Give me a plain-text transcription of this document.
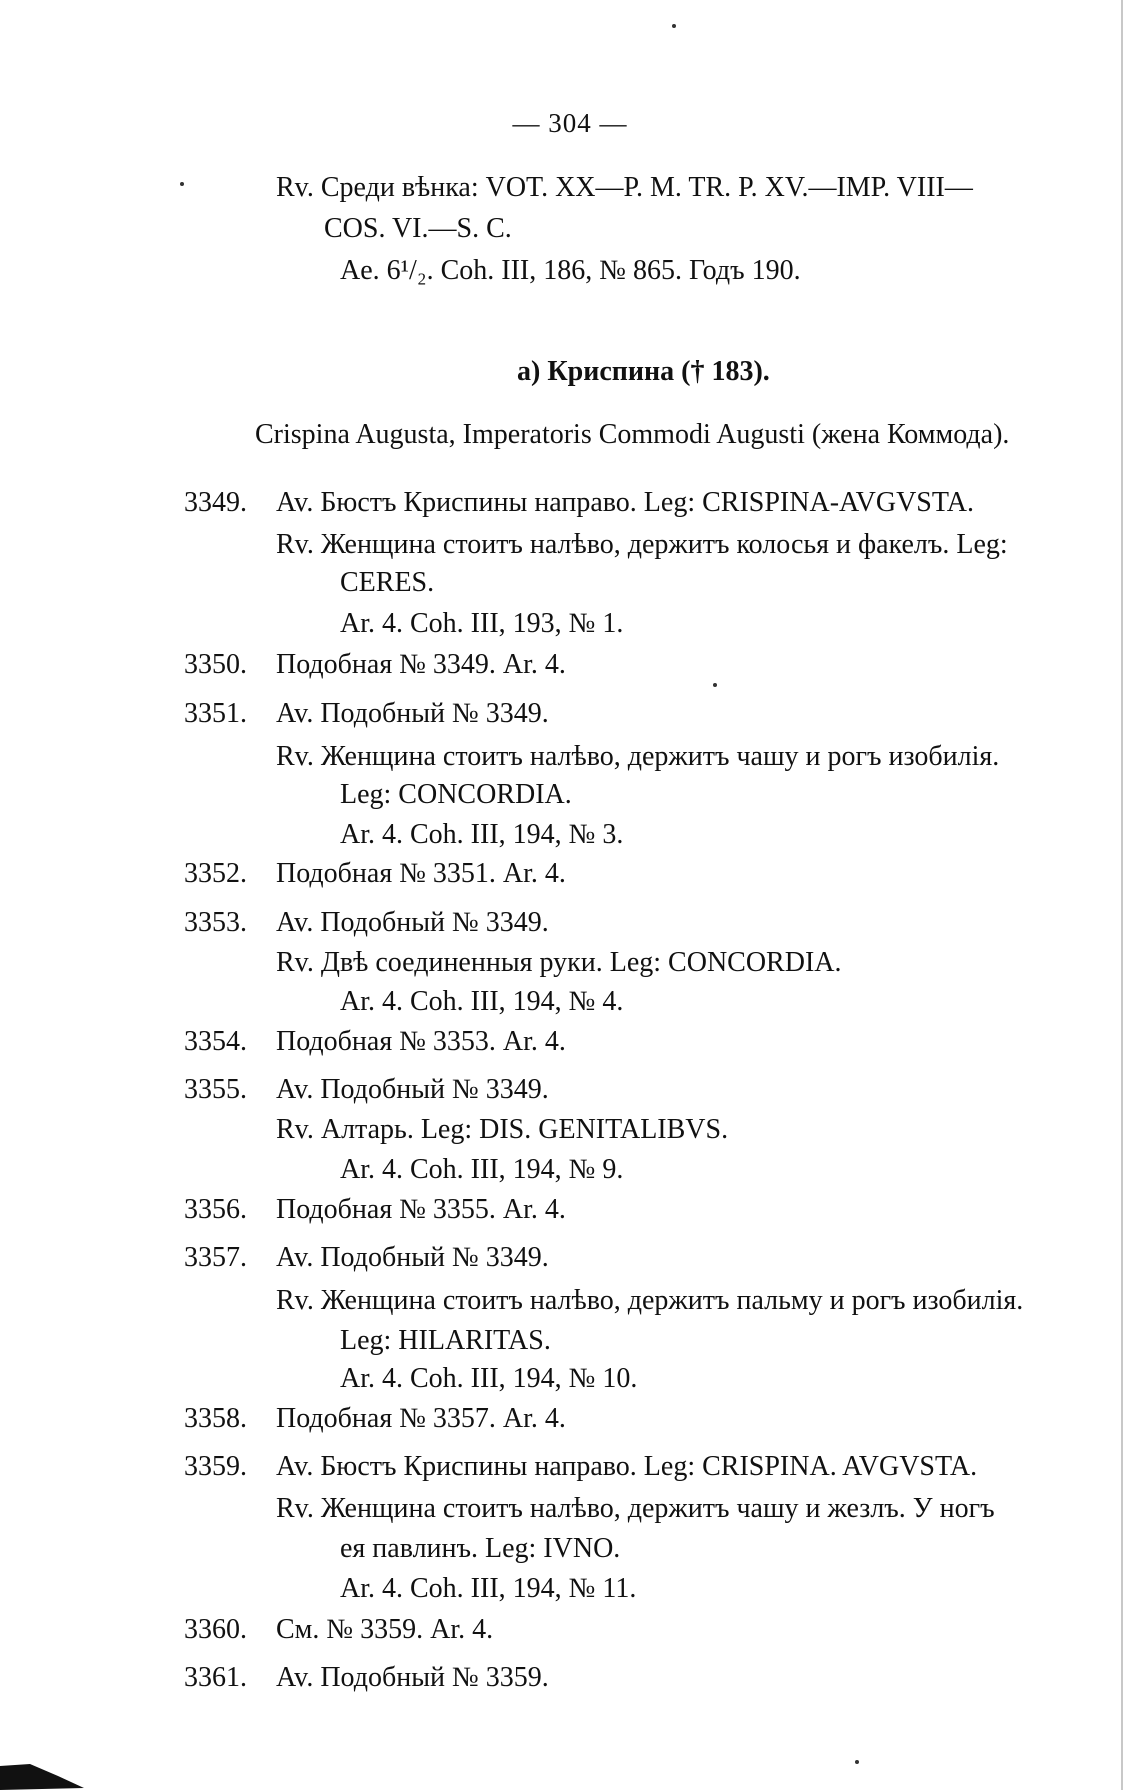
— 304 —
Rv. Среди вѣнка: VOT. XX—P. M. TR. P. XV.—IMP. VIII—
COS. VI.—S. C.
Ae. 6¹/₂. Coh. III, 186, № 865. Годъ 190.
a) Криспина († 183).
Crispina Augusta, Imperatoris Commodi Augusti (жена Коммода).
3349. Av. Бюстъ Криспины направо. Leg: CRISPINA-AVGVSTA.
Rv. Женщина стоитъ налѣво, держитъ колосья и факелъ. Leg:
CERES.
Ar. 4. Coh. III, 193, № 1.
3350. Подобная № 3349. Ar. 4.
3351. Av. Подобный № 3349.
Rv. Женщина стоитъ налѣво, держитъ чашу и рогъ изобилія.
Leg: CONCORDIA.
Ar. 4. Coh. III, 194, № 3.
3352. Подобная № 3351. Ar. 4.
3353. Av. Подобный № 3349.
Rv. Двѣ соединенныя руки. Leg: CONCORDIA.
Ar. 4. Coh. III, 194, № 4.
3354. Подобная № 3353. Ar. 4.
3355. Av. Подобный № 3349.
Rv. Алтарь. Leg: DIS. GENITALIBVS.
Ar. 4. Coh. III, 194, № 9.
3356. Подобная № 3355. Ar. 4.
3357. Av. Подобный № 3349.
Rv. Женщина стоитъ налѣво, держитъ пальму и рогъ изобилія.
Leg: HILARITAS.
Ar. 4. Coh. III, 194, № 10.
3358. Подобная № 3357. Ar. 4.
3359. Av. Бюстъ Криспины направо. Leg: CRISPINA. AVGVSTA.
Rv. Женщина стоитъ налѣво, держитъ чашу и жезлъ. У ногъ
ея павлинъ. Leg: IVNO.
Ar. 4. Coh. III, 194, № 11.
3360. См. № 3359. Ar. 4.
3361. Av. Подобный № 3359.
